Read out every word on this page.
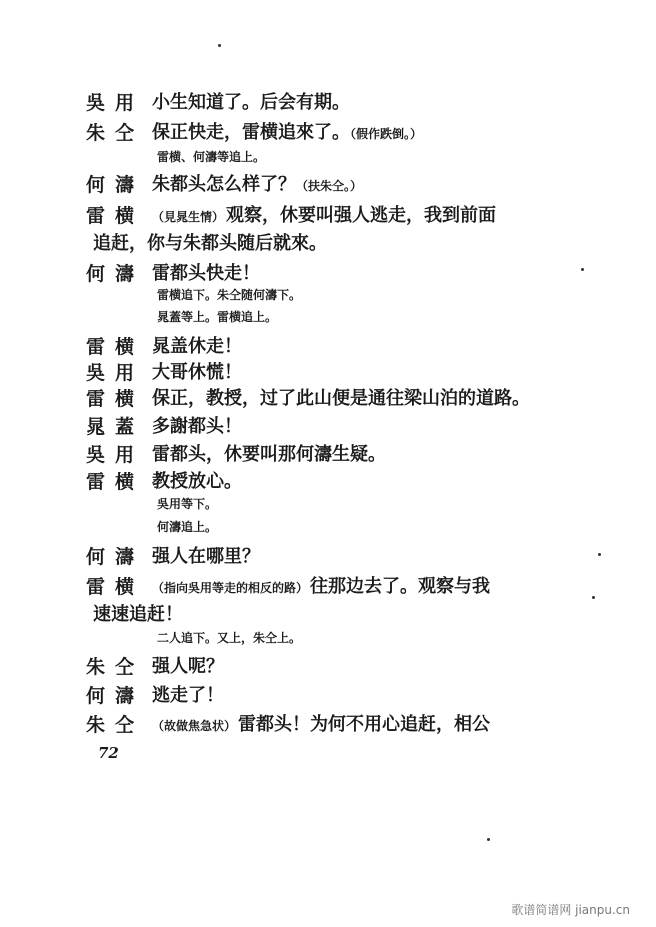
吳用 小生知道了。后会有期。
朱仝 保正快走，雷横追來了。（假作跌倒。）
雷横、何濤等追上。
何濤 朱都头怎么样了？（扶朱仝。）
雷横 （見晁生情） 观察，休要叫强人逃走，我到前面
追赶，你与朱都头随后就來。
何濤 雷都头快走！
雷横追下。朱仝随何濤下。
晁蓋等上。雷横追上。
雷横 晁盖休走！
吳用 大哥休慌！
雷横 保正，教授，过了此山便是通往梁山泊的道路。
晁蓋 多謝都头！
吳用 雷都头，休要叫那何濤生疑。
雷横 教授放心。
吳用等下。
何濤追上。
何濤 强人在哪里？
雷横 （指向吳用等走的相反的路） 往那边去了。观察与我
速速追赶！
二人追下。又上，朱仝上。
朱仝 强人呢？
何濤 逃走了！
朱仝 （故做焦急状） 雷都头！为何不用心追赶，相公
72
歌谱简谱网 jianpu.cn
